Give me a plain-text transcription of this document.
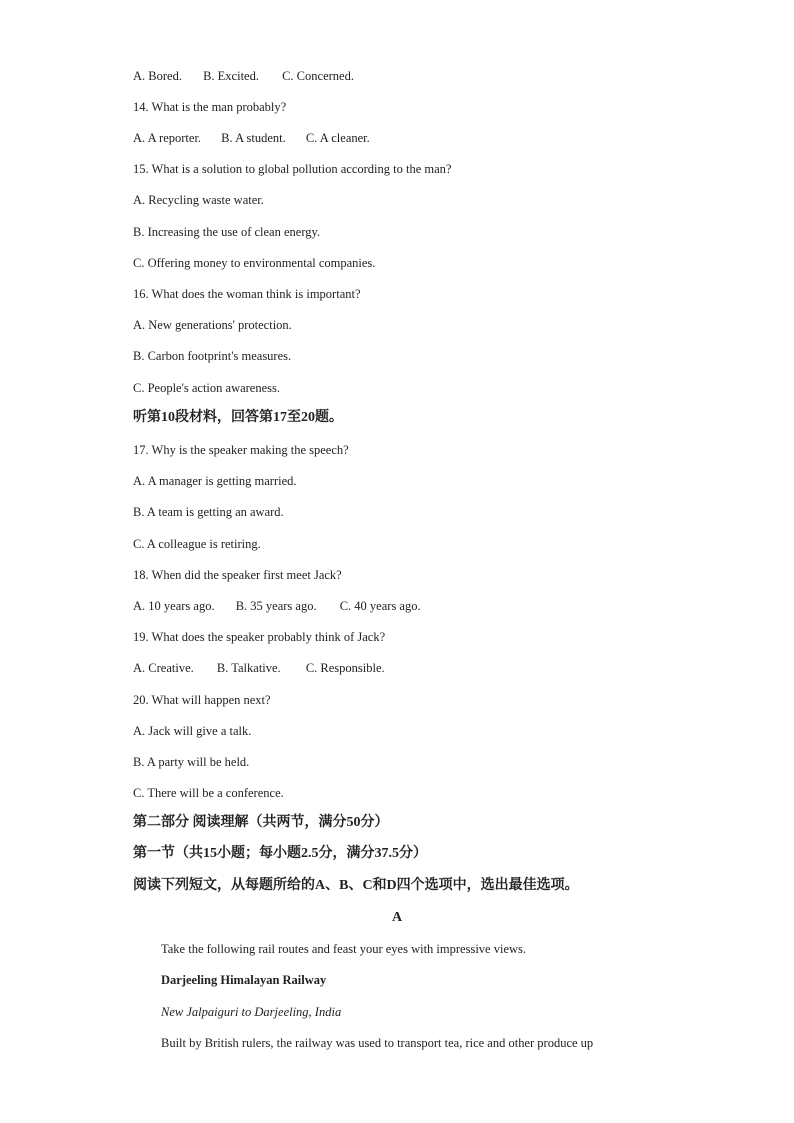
A. Bored. B. Excited. C. Concerned.
14. What is the man probably?
A. A reporter. B. A student. C. A cleaner.
15. What is a solution to global pollution according to the man?
A. Recycling waste water.
B. Increasing the use of clean energy.
C. Offering money to environmental companies.
16. What does the woman think is important?
A. New generations' protection.
B. Carbon footprint's measures.
C. People's action awareness.
听第10段材料，回答第17至20题。
17. Why is the speaker making the speech?
A. A manager is getting married.
B. A team is getting an award.
C. A colleague is retiring.
18. When did the speaker first meet Jack?
A. 10 years ago. B. 35 years ago. C. 40 years ago.
19. What does the speaker probably think of Jack?
A. Creative. B. Talkative. C. Responsible.
20. What will happen next?
A. Jack will give a talk.
B. A party will be held.
C. There will be a conference.
第二部分 阅读理解（共两节，满分50分）
第一节（共15小题；每小题2.5分，满分37.5分）
阅读下列短文，从每题所给的A、B、C和D四个选项中，选出最佳选项。
A
Take the following rail routes and feast your eyes with impressive views.
Darjeeling Himalayan Railway
New Jalpaiguri to Darjeeling, India
Built by British rulers, the railway was used to transport tea, rice and other produce up
